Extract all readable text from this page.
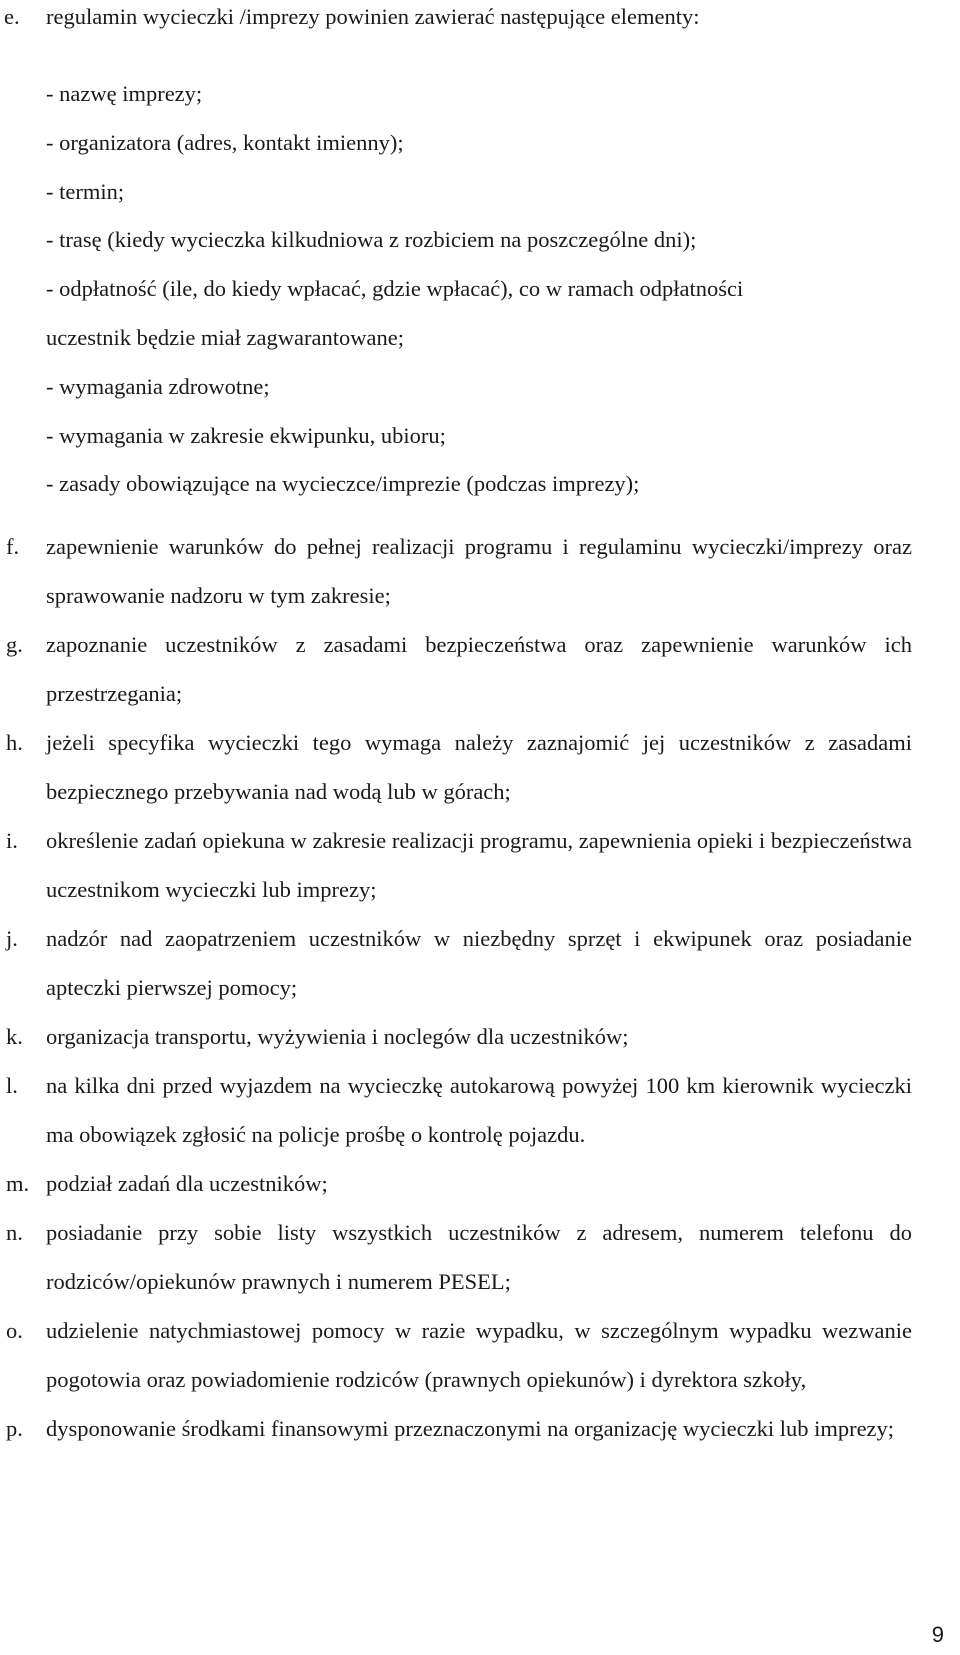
e. regulamin wycieczki /imprezy powinien zawierać następujące elementy:
- nazwę imprezy;
- organizatora (adres, kontakt imienny);
- termin;
- trasę (kiedy wycieczka kilkudniowa z rozbiciem na poszczególne dni);
- odpłatność (ile, do kiedy wpłacać, gdzie wpłacać), co w ramach odpłatności
uczestnik będzie miał zagwarantowane;
- wymagania zdrowotne;
- wymagania w zakresie ekwipunku, ubioru;
- zasady obowiązujące na wycieczce/imprezie (podczas imprezy);
f. zapewnienie warunków do pełnej realizacji programu i regulaminu wycieczki/imprezy oraz sprawowanie nadzoru w tym zakresie;
g. zapoznanie uczestników z zasadami bezpieczeństwa oraz zapewnienie warunków ich przestrzegania;
h. jeżeli specyfika wycieczki tego wymaga należy zaznajomić jej uczestników z zasadami bezpiecznego przebywania nad wodą lub w górach;
i. określenie zadań opiekuna w zakresie realizacji programu, zapewnienia opieki i bezpieczeństwa uczestnikom wycieczki lub imprezy;
j. nadzór nad zaopatrzeniem uczestników w niezbędny sprzęt i ekwipunek oraz posiadanie apteczki pierwszej pomocy;
k. organizacja transportu, wyżywienia i noclegów dla uczestników;
l. na kilka dni przed wyjazdem na wycieczkę autokarową powyżej 100 km kierownik wycieczki ma obowiązek zgłosić na policje prośbę o kontrolę pojazdu.
m. podział zadań dla uczestników;
n. posiadanie przy sobie listy wszystkich uczestników z adresem, numerem telefonu do rodziców/opiekunów prawnych i numerem PESEL;
o. udzielenie natychmiastowej pomocy w razie wypadku, w szczególnym wypadku wezwanie pogotowia oraz powiadomienie rodziców (prawnych opiekunów) i dyrektora szkoły,
p. dysponowanie środkami finansowymi przeznaczonymi na organizację wycieczki lub imprezy;
9
